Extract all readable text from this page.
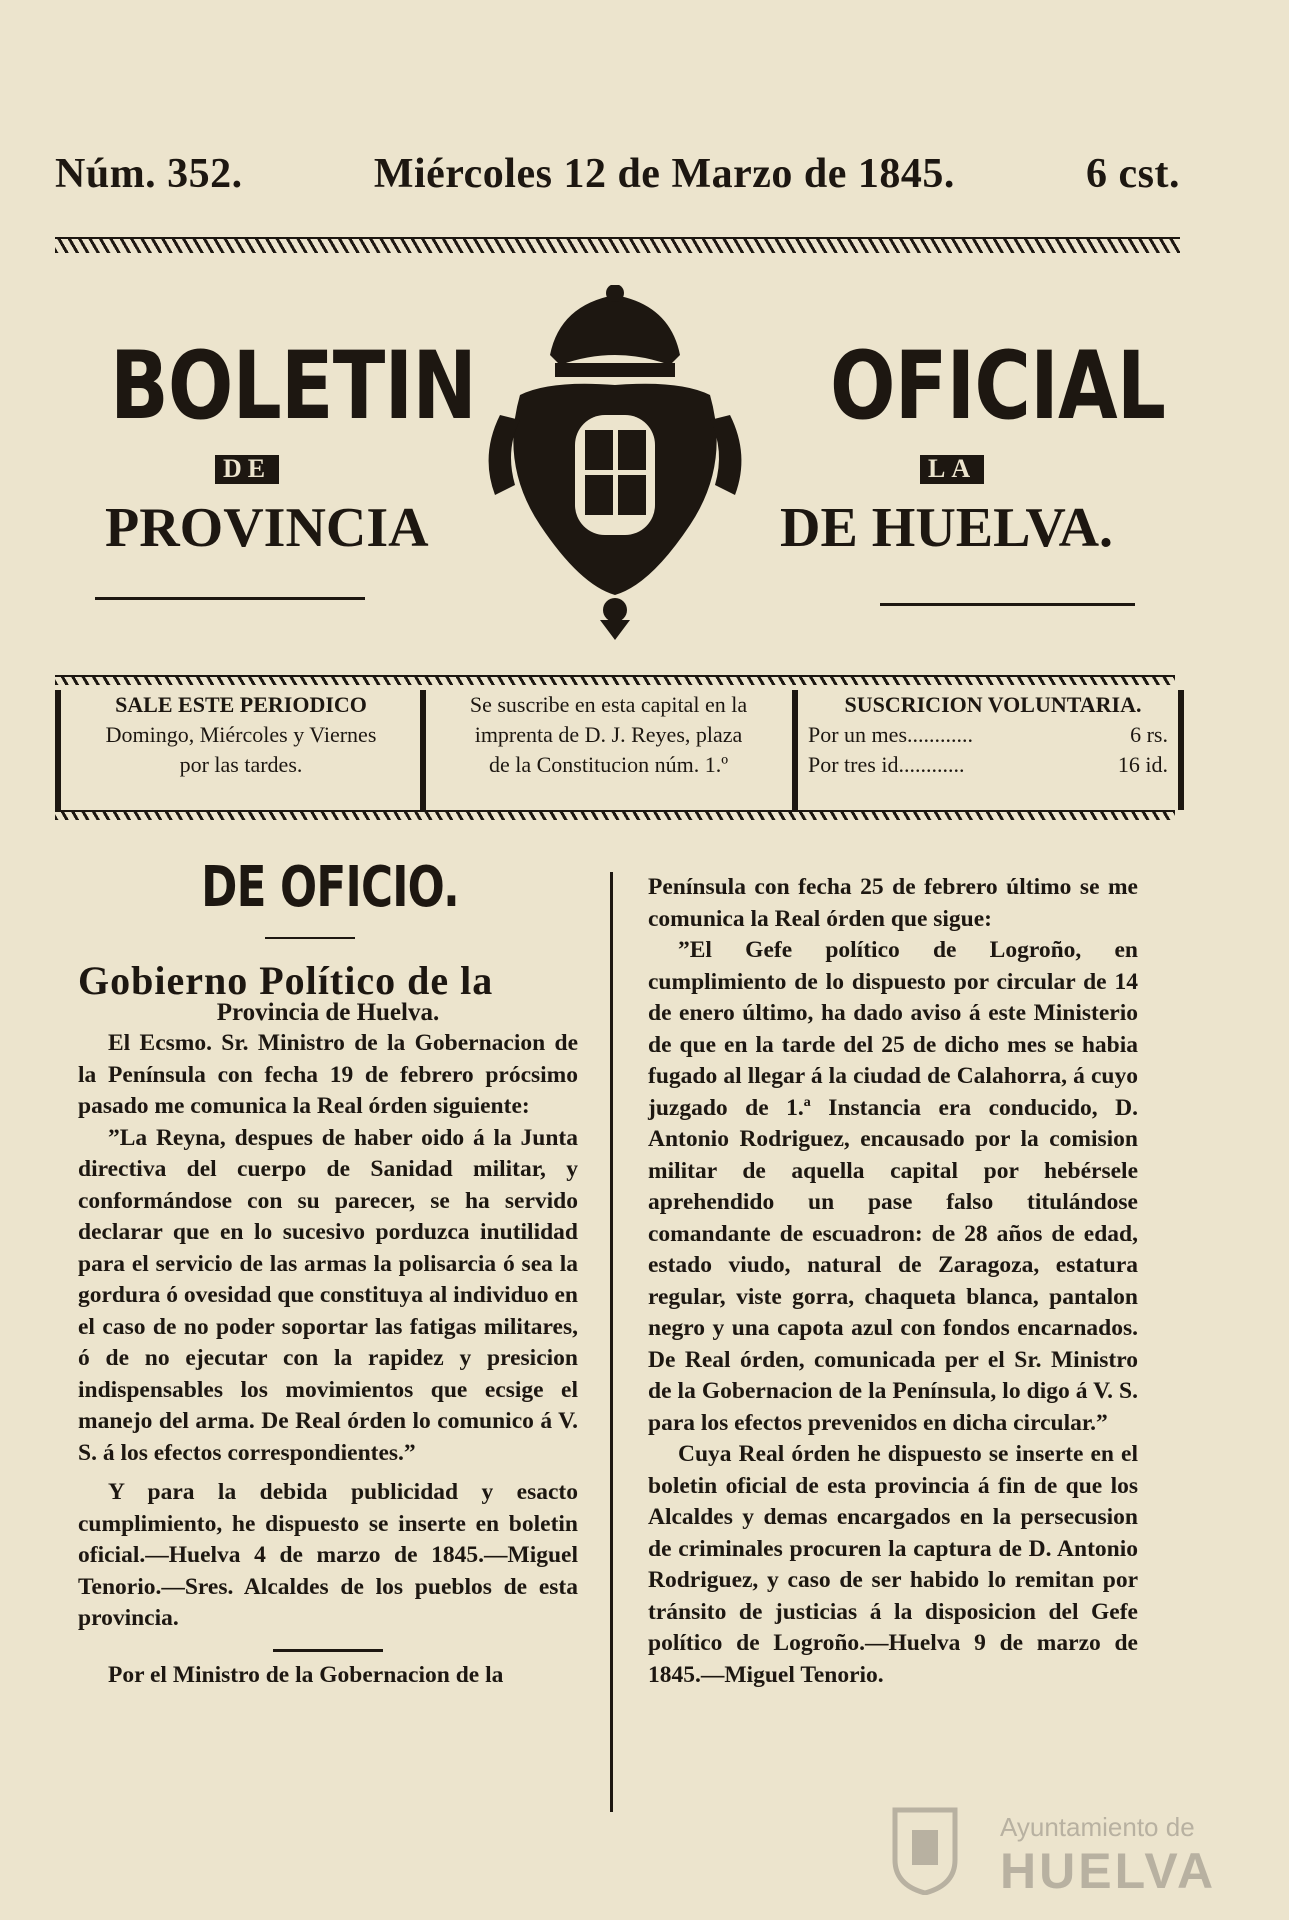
Núm. 352.	Miércoles 12 de Marzo de 1845.	6 cst.
BOLETIN	OFICIAL
DE	LA
PROVINCIA	DE HUELVA.
SALE ESTE PERIODICO
Domingo, Miércoles y Viernes
por las tardes.
Se suscribe en esta capital en la
imprenta de D. J. Reyes, plaza
de la Constitucion núm. 1.º
SUSCRICION VOLUNTARIA.
Por un mes............	6 rs.
Por tres id............	16 id.
DE OFICIO.
Gobierno Político de la
Provincia de Huelva.

El Ecsmo. Sr. Ministro de la Gobernacion de la Península con fecha 19 de febrero prócsimo pasado me comunica la Real órden siguiente:

”La Reyna, despues de haber oido á la Junta directiva del cuerpo de Sanidad militar, y conformándose con su parecer, se ha servido declarar que en lo sucesivo porduzca inutilidad para el servicio de las armas la polisarcia ó sea la gordura ó ovesidad que constituya al individuo en el caso de no poder soportar las fatigas militares, ó de no ejecutar con la rapidez y presicion indispensables los movimientos que ecsige el manejo del arma. De Real órden lo comunico á V. S. á los efectos correspondientes.”

Y para la debida publicidad y esacto cumplimiento, he dispuesto se inserte en boletin oficial.—Huelva 4 de marzo de 1845.—Miguel Tenorio.—Sres. Alcaldes de los pueblos de esta provincia.

Por el Ministro de la Gobernacion de la

Península con fecha 25 de febrero último se me comunica la Real órden que sigue:

”El Gefe político de Logroño, en cumplimiento de lo dispuesto por circular de 14 de enero último, ha dado aviso á este Ministerio de que en la tarde del 25 de dicho mes se habia fugado al llegar á la ciudad de Calahorra, á cuyo juzgado de 1.ª Instancia era conducido, D. Antonio Rodriguez, encausado por la comision militar de aquella capital por hebérsele aprehendido un pase falso titulándose comandante de escuadron: de 28 años de edad, estado viudo, natural de Zaragoza, estatura regular, viste gorra, chaqueta blanca, pantalon negro y una capota azul con fondos encarnados. De Real órden, comunicada per el Sr. Ministro de la Gobernacion de la Península, lo digo á V. S. para los efectos prevenidos en dicha circular.”

Cuya Real órden he dispuesto se inserte en el boletin oficial de esta provincia á fin de que los Alcaldes y demas encargados en la persecusion de criminales procuren la captura de D. Antonio Rodriguez, y caso de ser habido lo remitan por tránsito de justicias á la disposicion del Gefe político de Logroño.—Huelva 9 de marzo de 1845.—Miguel Tenorio.

Ayuntamiento de
HUELVA
